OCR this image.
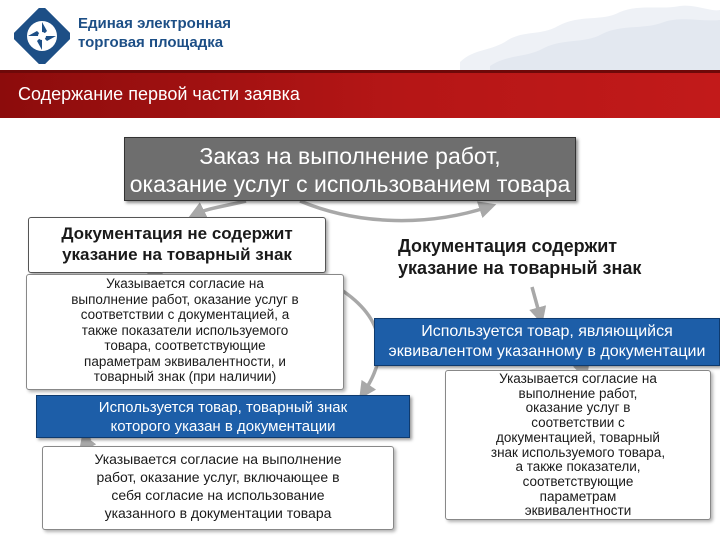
Единая электронная
торговая площадка
Содержание первой части заявка
Заказ на выполнение работ,
оказание услуг с использованием товара
Документация не содержит
указание на товарный знак
Указывается согласие на
выполнение работ, оказание услуг в
соответствии с документацией, а
также показатели используемого
товара, соответствующие
параметрам эквивалентности, и
товарный знак (при наличии)
Используется товар, товарный знак
которого указан в документации
Указывается согласие на выполнение
работ, оказание услуг, включающее в
себя согласие на использование
указанного в документации товара
Документация содержит
указание на товарный знак
Используется товар, являющийся
эквивалентом указанному в документации
Указывается согласие на
выполнение работ,
оказание услуг в
соответствии с
документацией, товарный
знак используемого товара,
а также показатели,
соответствующие
параметрам
эквивалентности
